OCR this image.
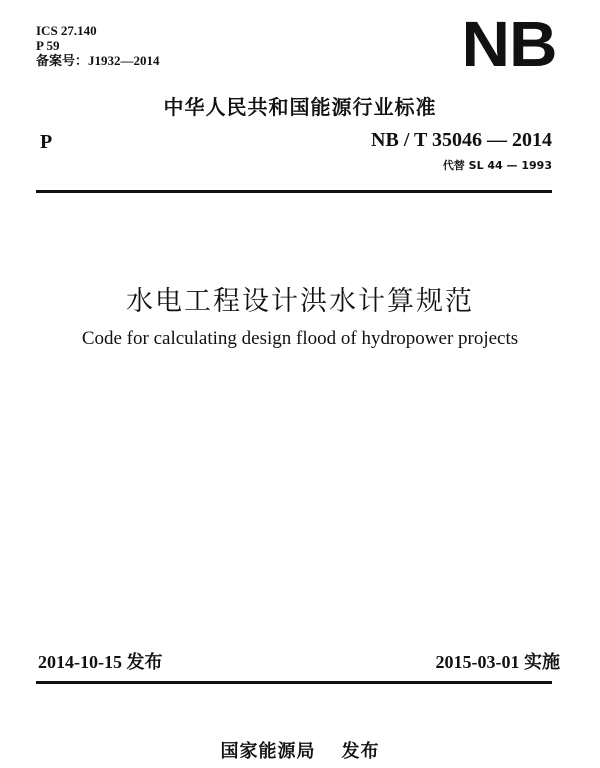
ICS 27.140
P 59
备案号：J1932—2014	NB
中华人民共和国能源行业标准
P	NB / T 35046 — 2014
代替 SL 44 — 1993
水电工程设计洪水计算规范
Code for calculating design flood of hydropower projects
2014-10-15 发布	2015-03-01 实施
国家能源局 发布
